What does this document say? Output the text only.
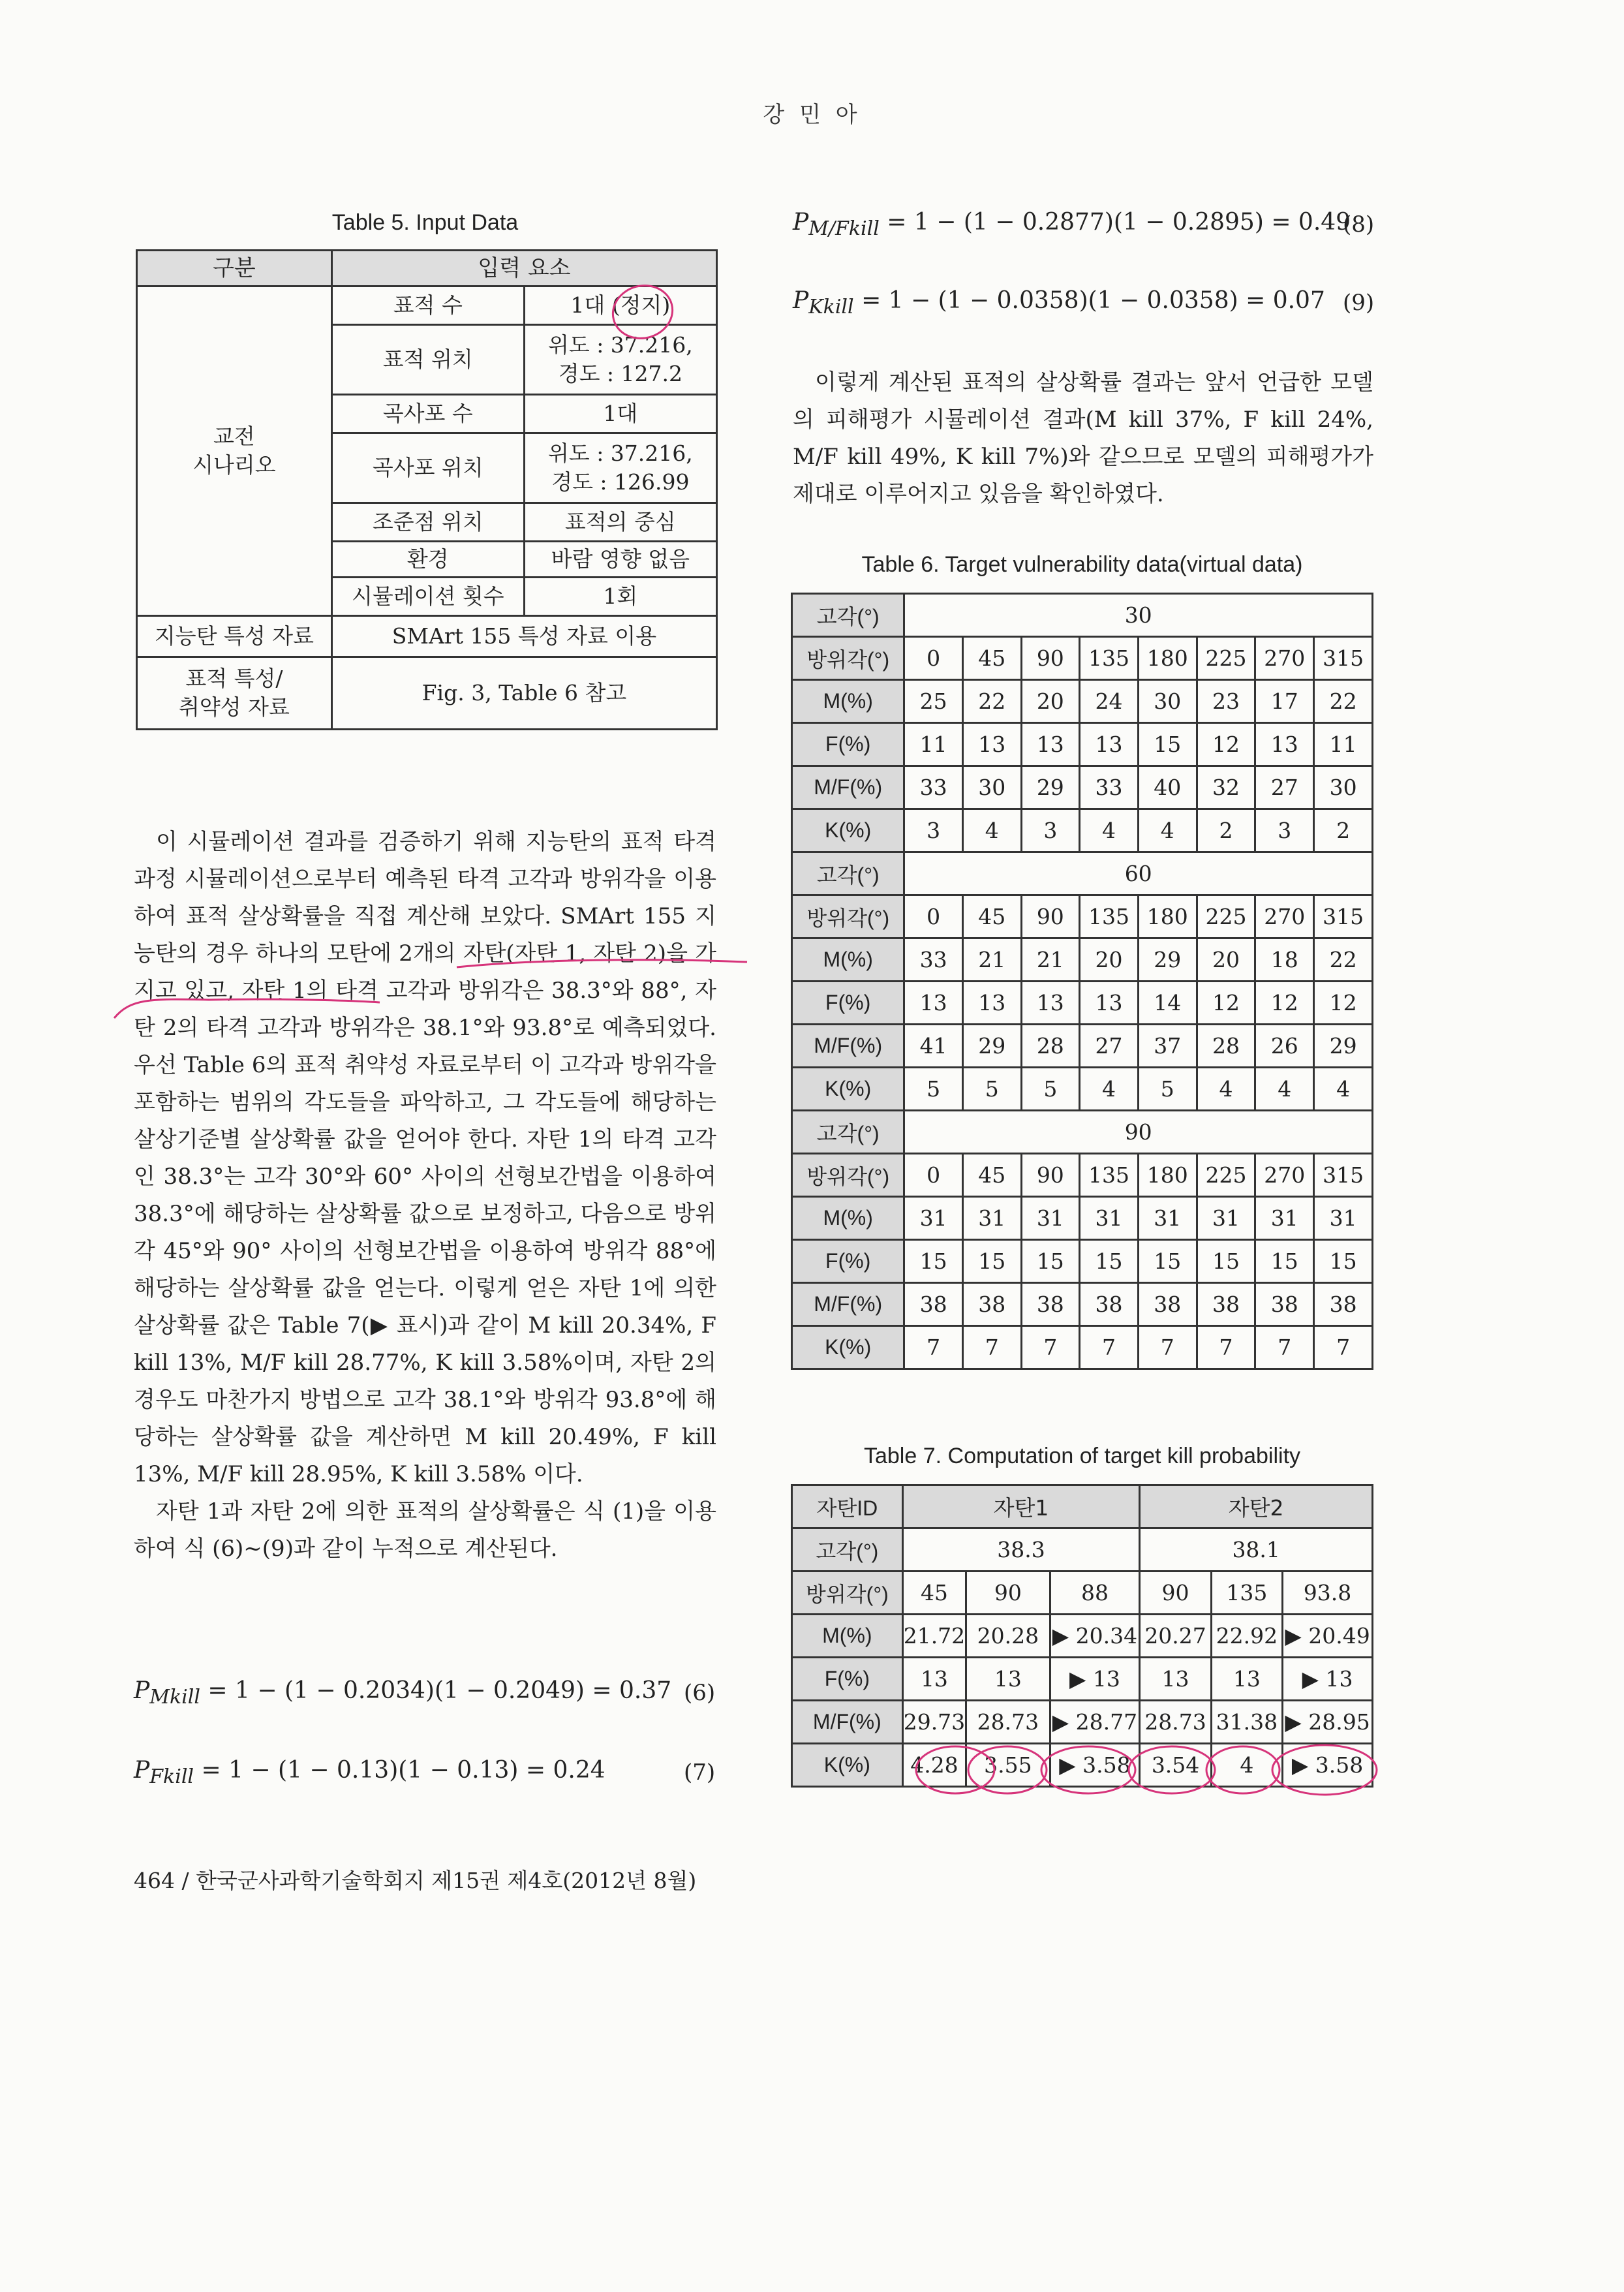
강 민 아
Table 5. Input Data
구분	입력 요소	
교전
시나리오	표적 수	1대 (정지)
	표적 위치	위도 : 37.216,
경도 : 127.2
	곡사포 수	1대
	곡사포 위치	위도 : 37.216,
경도 : 126.99
	조준점 위치	표적의 중심
	환경	바람 영향 없음
	시뮬레이션 횟수	1회
지능탄 특성 자료	SMArt 155 특성 자료 이용	
표적 특성/
취약성 자료	Fig. 3, Table 6 참고	

이 시뮬레이션 결과를 검증하기 위해 지능탄의 표적 타격과정 시뮬레이션으로부터 예측된 타격 고각과 방위각을 이용하여 표적 살상확률을 직접 계산해 보았다. SMArt 155 지능탄의 경우 하나의 모탄에 2개의 자탄(자탄 1, 자탄 2)을 가지고 있고, 자탄 1의 타격 고각과 방위각은 38.3°와 88°, 자탄 2의 타격 고각과 방위각은 38.1°와 93.8°로 예측되었다. 우선 Table 6의 표적 취약성 자료로부터 이 고각과 방위각을 포함하는 범위의 각도들을 파악하고, 그 각도들에 해당하는 살상기준별 살상확률 값을 얻어야 한다. 자탄 1의 타격 고각인 38.3°는 고각 30°와 60° 사이의 선형보간법을 이용하여 38.3°에 해당하는 살상확률 값으로 보정하고, 다음으로 방위각 45°와 90° 사이의 선형보간법을 이용하여 방위각 88°에 해당하는 살상확률 값을 얻는다. 이렇게 얻은 자탄 1에 의한 살상확률 값은 Table 7(▶ 표시)과 같이 M kill 20.34%, F kill 13%, M/F kill 28.77%, K kill 3.58%이며, 자탄 2의 경우도 마찬가지 방법으로 고각 38.1°와 방위각 93.8°에 해당하는 살상확률 값을 계산하면 M kill 20.49%, F kill 13%, M/F kill 28.95%, K kill 3.58% 이다.

자탄 1과 자탄 2에 의한 표적의 살상확률은 식 (1)을 이용하여 식 (6)~(9)과 같이 누적으로 계산된다.

$P_{Mkill} = 1 - (1 - 0.2034)(1 - 0.2049) = 0.37$ (6)
$P_{Fkill} = 1 - (1 - 0.13)(1 - 0.13) = 0.24$	(7)
464 / 한국군사과학기술학회지 제15권 제4호(2012년 8월)
$P_{M/Fkill} = 1 - (1 - 0.2877)(1 - 0.2895) = 0.49$
(8)
$P_{Kkill} = 1 - (1 - 0.0358)(1 - 0.0358) = 0.07$ (9)

이렇게 계산된 표적의 살상확률 결과는 앞서 언급한 모델의 피해평가 시뮬레이션 결과(M kill 37%, F kill 24%, M/F kill 49%, K kill 7%)와 같으므로 모델의 피해평가가 제대로 이루어지고 있음을 확인하였다.

Table 6. Target vulnerability data(virtual data)
고각(°)	30							
방위각(°)	0	45	90	135	180	225	270	315
M(%)	25	22	20	24	30	23	17	22
F(%)	11	13	13	13	15	12	13	11
M/F(%)	33	30	29	33	40	32	27	30
K(%)	3	4	3	4	4	2	3	2
고각(°)	60							
방위각(°)	0	45	90	135	180	225	270	315
M(%)	33	21	21	20	29	20	18	22
F(%)	13	13	13	13	14	12	12	12
M/F(%)	41	29	28	27	37	28	26	29
K(%)	5	5	5	4	5	4	4	4
고각(°)	90							
방위각(°)	0	45	90	135	180	225	270	315
M(%)	31	31	31	31	31	31	31	31
F(%)	15	15	15	15	15	15	15	15
M/F(%)	38	38	38	38	38	38	38	38
K(%)	7	7	7	7	7	7	7	7
Table 7. Computation of target kill probability
자탄ID	자탄1			자탄2		
고각(°)	38.3			38.1		
방위각(°)	45	90	88	90	135	93.8
M(%)	21.72	20.28	▶ 20.34	20.27	22.92	▶ 20.49
F(%)	13	13	▶ 13	13	13	▶ 13
M/F(%)	29.73	28.73	▶ 28.77	28.73	31.38	▶ 28.95
K(%)	4.28	3.55	▶ 3.58	3.54	4	▶ 3.58
